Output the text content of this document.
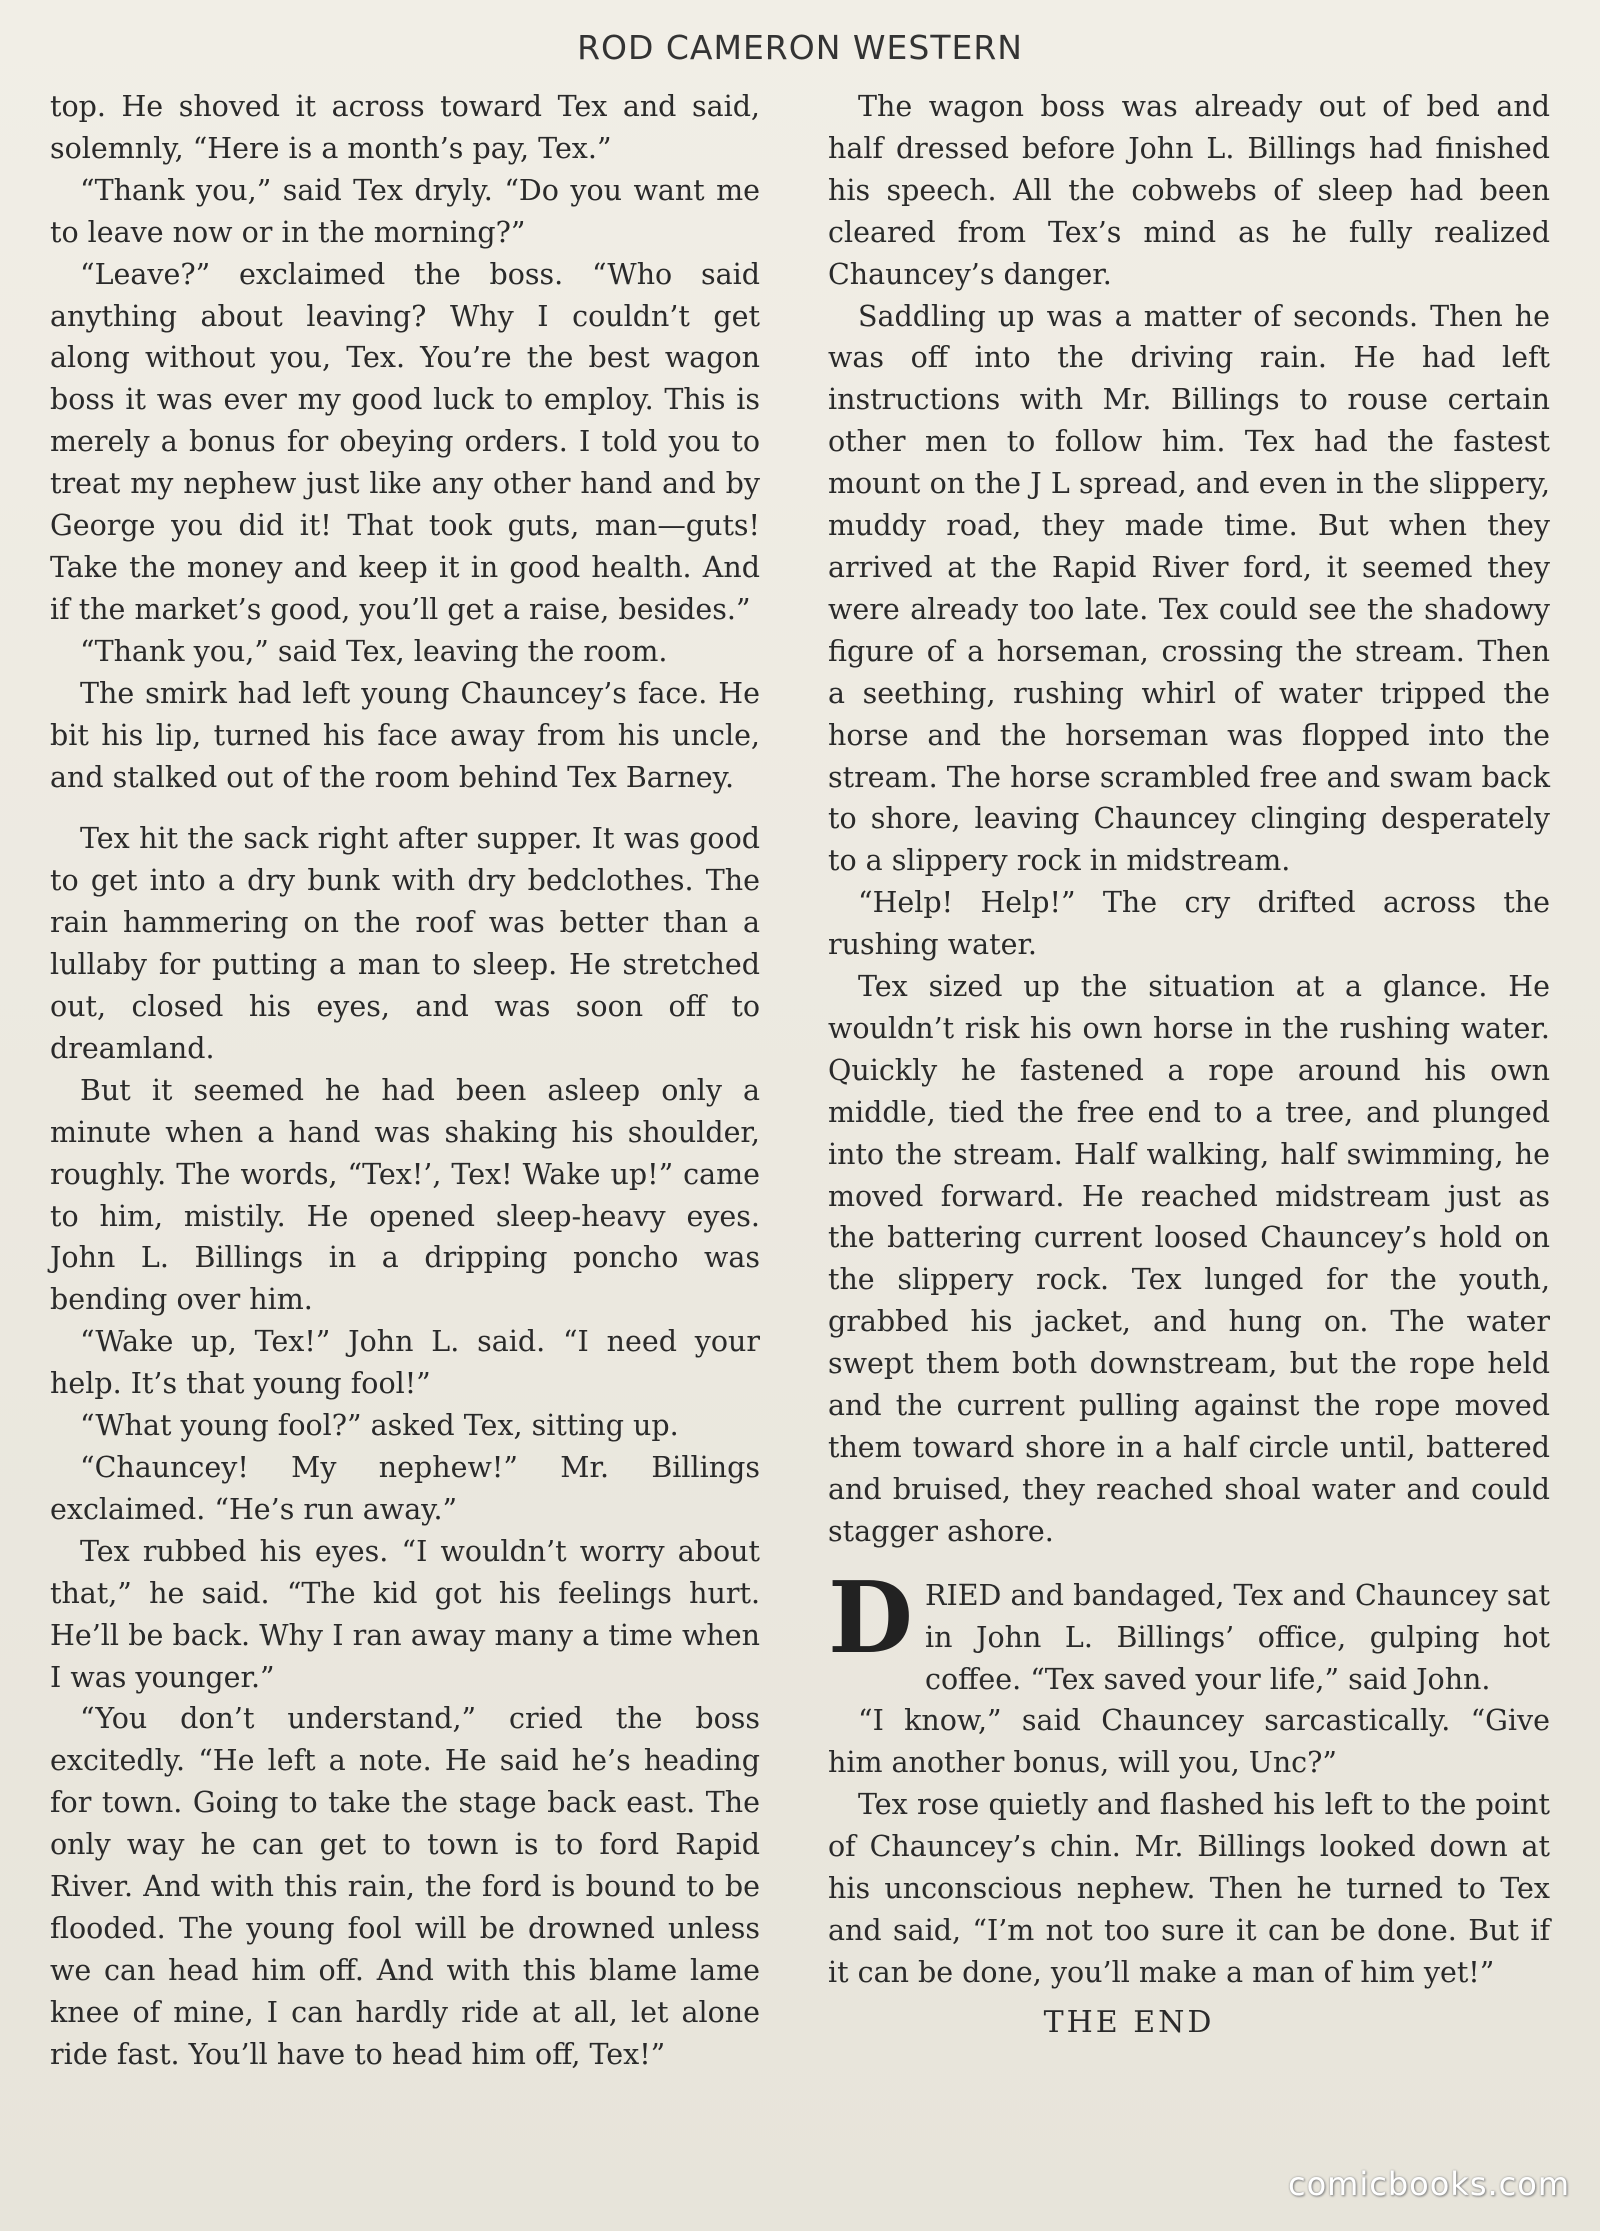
ROD CAMERON WESTERN

top. He shoved it across toward Tex and said, solemnly, “Here is a month’s pay, Tex.”

“Thank you,” said Tex dryly. “Do you want me to leave now or in the morning?”

“Leave?” exclaimed the boss. “Who said anything about leaving? Why I couldn’t get along without you, Tex. You’re the best wagon boss it was ever my good luck to employ. This is merely a bonus for obeying orders. I told you to treat my nephew just like any other hand and by George you did it! That took guts, man—guts! Take the money and keep it in good health. And if the market’s good, you’ll get a raise, besides.”

“Thank you,” said Tex, leaving the room.

The smirk had left young Chauncey’s face. He bit his lip, turned his face away from his uncle, and stalked out of the room behind Tex Barney.

Tex hit the sack right after supper. It was good to get into a dry bunk with dry bedclothes. The rain hammering on the roof was better than a lullaby for putting a man to sleep. He stretched out, closed his eyes, and was soon off to dreamland.

But it seemed he had been asleep only a minute when a hand was shaking his shoulder, roughly. The words, “Tex!’, Tex! Wake up!” came to him, mistily. He opened sleep-heavy eyes. John L. Billings in a dripping poncho was bending over him.

“Wake up, Tex!” John L. said. “I need your help. It’s that young fool!”

“What young fool?” asked Tex, sitting up.

“Chauncey! My nephew!” Mr. Billings exclaimed. “He’s run away.”

Tex rubbed his eyes. “I wouldn’t worry about that,” he said. “The kid got his feelings hurt. He’ll be back. Why I ran away many a time when I was younger.”

“You don’t understand,” cried the boss excitedly. “He left a note. He said he’s heading for town. Going to take the stage back east. The only way he can get to town is to ford Rapid River. And with this rain, the ford is bound to be flooded. The young fool will be drowned unless we can head him off. And with this blame lame knee of mine, I can hardly ride at all, let alone ride fast. You’ll have to head him off, Tex!”

The wagon boss was already out of bed and half dressed before John L. Billings had finished his speech. All the cobwebs of sleep had been cleared from Tex’s mind as he fully realized Chauncey’s danger.

Saddling up was a matter of seconds. Then he was off into the driving rain. He had left instructions with Mr. Billings to rouse certain other men to follow him. Tex had the fastest mount on the J L spread, and even in the slippery, muddy road, they made time. But when they arrived at the Rapid River ford, it seemed they were already too late. Tex could see the shadowy figure of a horseman, crossing the stream. Then a seething, rushing whirl of water tripped the horse and the horseman was flopped into the stream. The horse scrambled free and swam back to shore, leaving Chauncey clinging desperately to a slippery rock in midstream.

“Help! Help!” The cry drifted across the rushing water.

Tex sized up the situation at a glance. He wouldn’t risk his own horse in the rushing water. Quickly he fastened a rope around his own middle, tied the free end to a tree, and plunged into the stream. Half walking, half swimming, he moved forward. He reached midstream just as the battering current loosed Chauncey’s hold on the slippery rock. Tex lunged for the youth, grabbed his jacket, and hung on. The water swept them both downstream, but the rope held and the current pulling against the rope moved them toward shore in a half circle until, battered and bruised, they reached shoal water and could stagger ashore.

DRIED and bandaged, Tex and Chauncey sat in John L. Billings’ office, gulping hot coffee. “Tex saved your life,” said John.

“I know,” said Chauncey sarcastically. “Give him another bonus, will you, Unc?”

Tex rose quietly and flashed his left to the point of Chauncey’s chin. Mr. Billings looked down at his unconscious nephew. Then he turned to Tex and said, “I’m not too sure it can be done. But if it can be done, you’ll make a man of him yet!”

THE END
comicbooks.com
